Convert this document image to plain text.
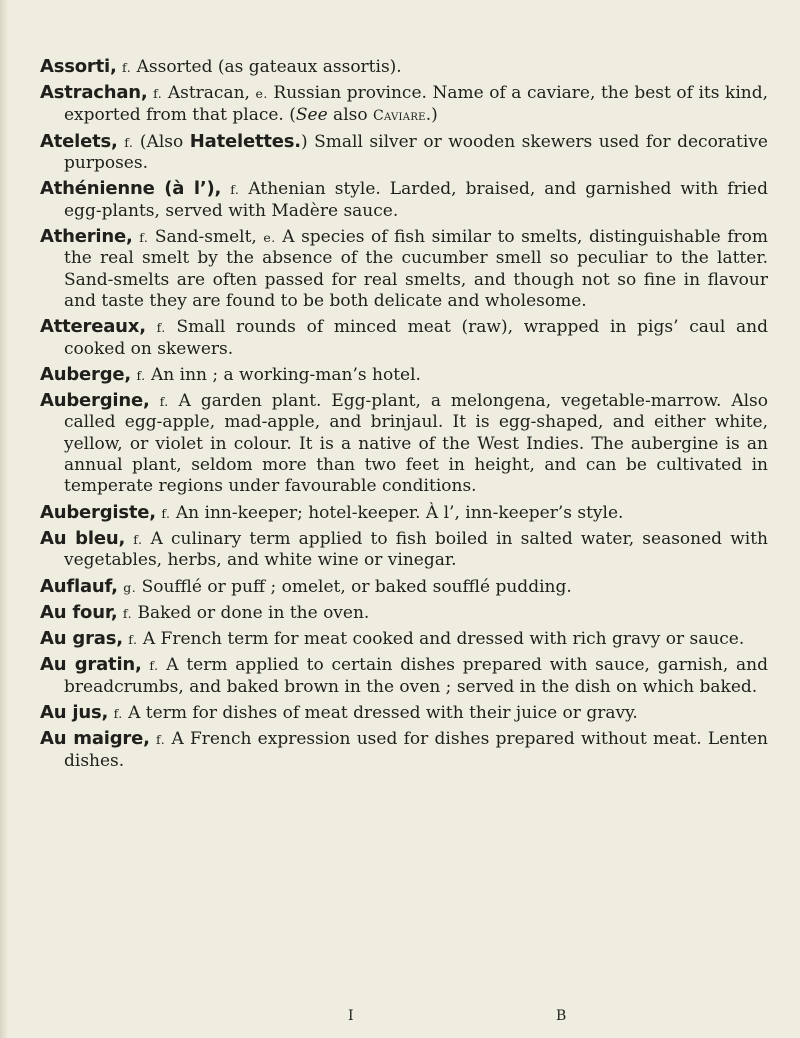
Assorti, f. Assorted (as gateaux assortis).

Astrachan, f. Astracan, e. Russian province. Name of a caviare, the best of its kind, exported from that place. (See also Caviare.)

Atelets, f. (Also Hatelettes.) Small silver or wooden skewers used for decorative purposes.

Athénienne (à l’), f. Athenian style. Larded, braised, and garnished with fried egg-plants, served with Madère sauce.

Atherine, f. Sand-smelt, e. A species of fish similar to smelts, distinguishable from the real smelt by the absence of the cucumber smell so peculiar to the latter. Sand-smelts are often passed for real smelts, and though not so fine in flavour and taste they are found to be both delicate and wholesome.

Attereaux, f. Small rounds of minced meat (raw), wrapped in pigs’ caul and cooked on skewers.

Auberge, f. An inn ; a working-man’s hotel.

Aubergine, f. A garden plant. Egg-plant, a melongena, vegetable-marrow. Also called egg-apple, mad-apple, and brinjaul. It is egg-shaped, and either white, yellow, or violet in colour. It is a native of the West Indies. The aubergine is an annual plant, seldom more than two feet in height, and can be cultivated in temperate regions under favourable conditions.

Aubergiste, f. An inn-keeper; hotel-keeper. À l’, inn-keeper’s style.

Au bleu, f. A culinary term applied to fish boiled in salted water, seasoned with vegetables, herbs, and white wine or vinegar.

Auflauf, g. Soufflé or puff ; omelet, or baked soufflé pudding.

Au four, f. Baked or done in the oven.

Au gras, f. A French term for meat cooked and dressed with rich gravy or sauce.

Au gratin, f. A term applied to certain dishes prepared with sauce, garnish, and breadcrumbs, and baked brown in the oven ; served in the dish on which baked.

Au jus, f. A term for dishes of meat dressed with their juice or gravy.

Au maigre, f. A French expression used for dishes prepared without meat. Lenten dishes.

I	B
